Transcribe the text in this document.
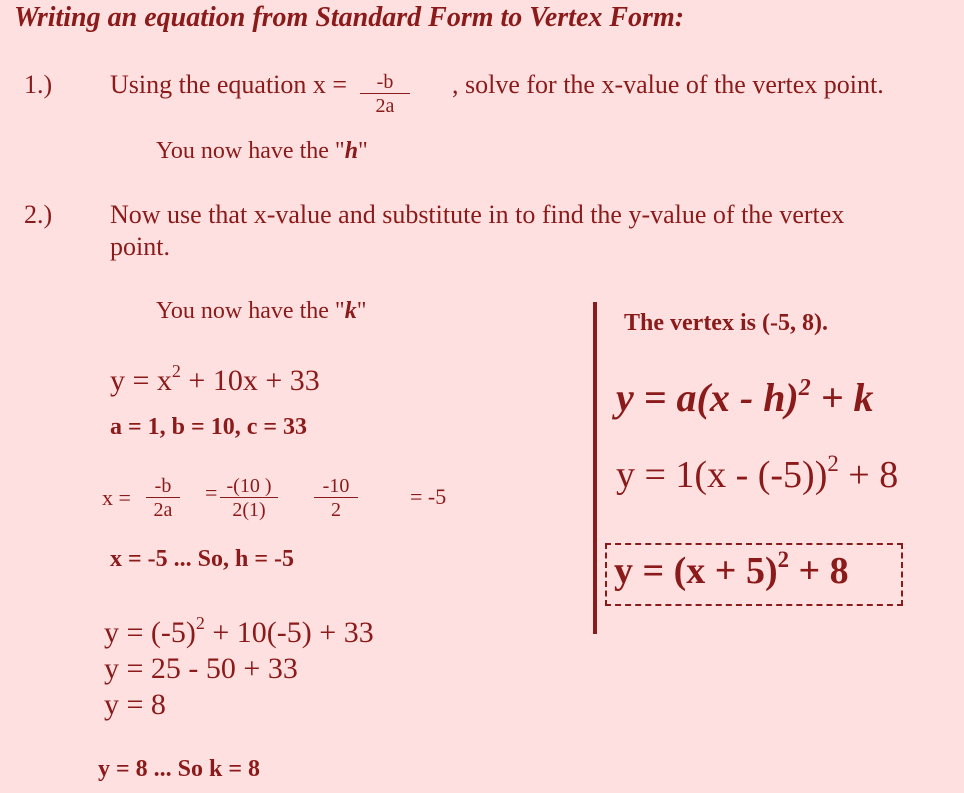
Writing an equation from Standard Form to Vertex Form:
1.) Using the equation $x = \frac{-b}{2a}$ , solve for the x-value of the vertex point.
You now have the "h"
2.) Now use that x-value and substitute in to find the y-value of the vertex
point.
You now have the "k"
$y = x^2 + 10x + 33$
a = 1, b = 10, c = 33
$x = \frac{-b}{2a} = \frac{-(10 )}{2(1)} \frac{-10}{2} = -5$
x = -5 ... So, h = -5
$y = (-5)^2 + 10(-5) + 33$
y = 25 - 50 + 33
y = 8
y = 8 ... So k = 8
The vertex is (-5, 8).
y = a(x - h)$^2$ + k
y = 1(x - (-5))$^2$ + 8
$y = (x + 5)^2 + 8$
